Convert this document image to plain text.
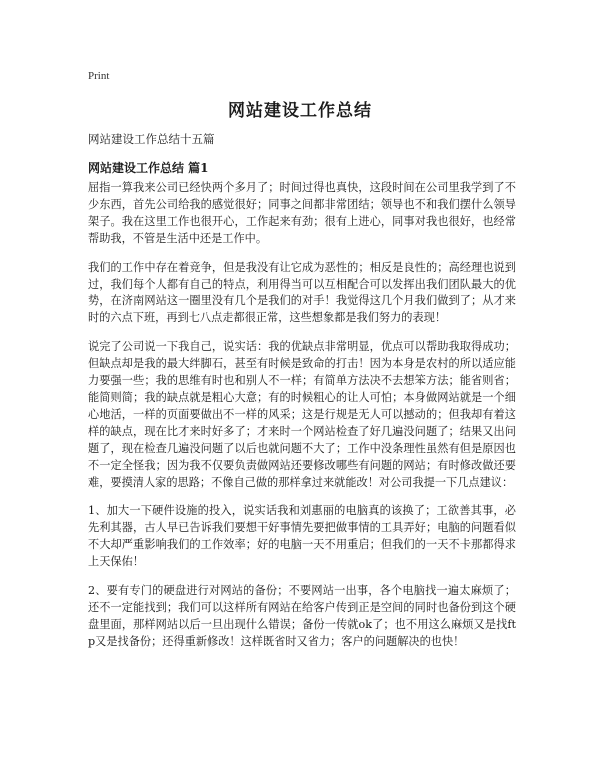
Print
网站建设工作总结
网站建设工作总结十五篇
网站建设工作总结 篇1

屈指一算我来公司已经快两个多月了；时间过得也真快，这段时间在公司里我学到了不少东西，首先公司给我的感觉很好；同事之间都非常团结；领导也不和我们摆什么领导架子。我在这里工作也很开心，工作起来有劲；很有上进心，同事对我也很好，也经常帮助我，不管是生活中还是工作中。

我们的工作中存在着竞争，但是我没有让它成为恶性的；相反是良性的；高经理也说到过，我们每个人都有自己的特点，利用得当可以互相配合可以发挥出我们团队最大的优势，在济南网站这一圈里没有几个是我们的对手！我觉得这几个月我们做到了；从才来时的六点下班，再到七八点走都很正常，这些想象都是我们努力的表现！

说完了公司说一下我自己，说实话：我的优缺点非常明显，优点可以帮助我取得成功；但缺点却是我的最大绊脚石，甚至有时候是致命的打击！因为本身是农村的所以适应能力要强一些；我的思维有时也和别人不一样；有简单方法决不去想笨方法；能省则省；能简则简；我的缺点就是粗心大意；有的时候粗心的让人可怕；本身做网站就是一个细心地活，一样的页面要做出不一样的风采；这是行规是无人可以撼动的；但我却有着这样的缺点，现在比才来时好多了；才来时一个网站检查了好几遍没问题了；结果又出问题了，现在检查几遍没问题了以后也就问题不大了；工作中没条理性虽然有但是原因也不一定全怪我；因为我不仅要负责做网站还要修改哪些有问题的网站；有时修改做还要难，要摸清人家的思路；不像自己做的那样拿过来就能改！对公司我提一下几点建议：

1、加大一下硬件设施的投入，说实话我和刘惠丽的电脑真的该换了；工欲善其事，必先利其器，古人早已告诉我们要想干好事情先要把做事情的工具弄好；电脑的问题看似不大却严重影响我们的工作效率；好的电脑一天不用重启；但我们的一天不卡那都得求上天保佑！

2、要有专门的硬盘进行对网站的备份；不要网站一出事，各个电脑找一遍太麻烦了；还不一定能找到；我们可以这样所有网站在给客户传到正是空间的同时也备份到这个硬盘里面，那样网站以后一旦出现什么错误；备份一传就ok了；也不用这么麻烦又是找ftp又是找备份；还得重新修改！这样既省时又省力；客户的问题解决的也快！
